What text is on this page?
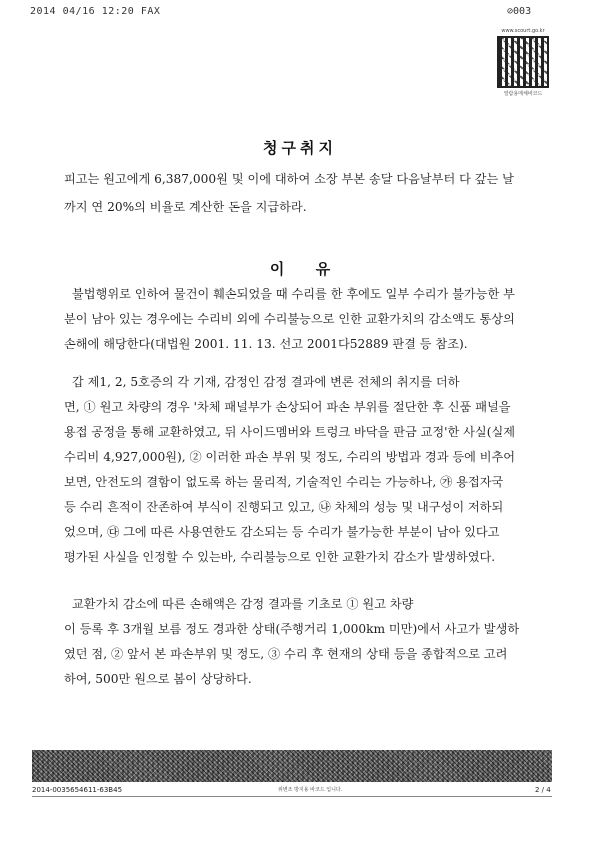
2014 04/16 12:20 FAX	⊘003
www.scourt.go.kr
열람용매체바코드
청구취지
피고는 원고에게 6,387,000원 및 이에 대하여 소장 부본 송달 다음날부터 다 갚는 날
까지 연 20%의 비율로 계산한 돈을 지급하라.
이 유
불법행위로 인하여 물건이 훼손되었을 때 수리를 한 후에도 일부 수리가 불가능한 부
분이 남아 있는 경우에는 수리비 외에 수리불능으로 인한 교환가치의 감소액도 통상의
손해에 해당한다(대법원 2001. 11. 13. 선고 2001다52889 판결 등 참조).
갑 제1, 2, 5호증의 각 기재, 감정인 감정 결과에 변론 전체의 취지를 더하
면, ① 원고 차량의 경우 '차체 패널부가 손상되어 파손 부위를 절단한 후 신품 패널을
용접 공정을 통해 교환하였고, 뒤 사이드멤버와 트렁크 바닥을 판금 교정'한 사실(실제
수리비 4,927,000원), ② 이러한 파손 부위 및 정도, 수리의 방법과 경과 등에 비추어
보면, 안전도의 결함이 없도록 하는 물리적, 기술적인 수리는 가능하나, ㉮ 용접자국
등 수리 흔적이 잔존하여 부식이 진행되고 있고, ㉯ 차체의 성능 및 내구성이 저하되
었으며, ㉰ 그에 따른 사용연한도 감소되는 등 수리가 불가능한 부분이 남아 있다고
평가된 사실을 인정할 수 있는바, 수리불능으로 인한 교환가치 감소가 발생하였다.
교환가치 감소에 따른 손해액은 감정 결과를 기초로 ① 원고 차량
이 등록 후 3개월 보름 정도 경과한 상태(주행거리 1,000km 미만)에서 사고가 발생하
였던 점, ② 앞서 본 파손부위 및 정도, ③ 수리 후 현재의 상태 등을 종합적으로 고려
하여, 500만 원으로 봄이 상당하다.
2014-0035654611-63B45	위변조 방지용 바코드 입니다.	2 / 4
